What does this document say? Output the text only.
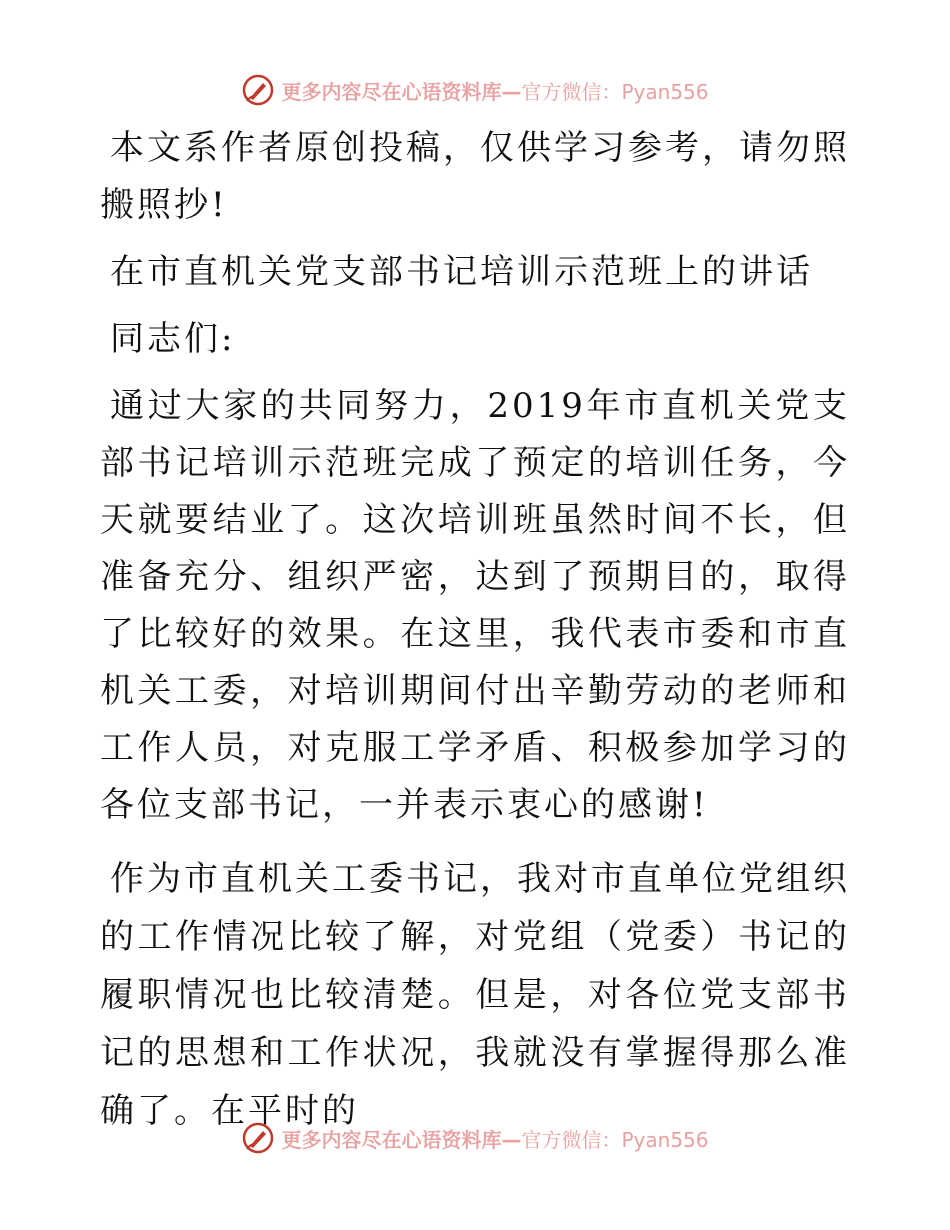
更多内容尽在心语资料库—官方微信：Pyan556

本文系作者原创投稿，仅供学习参考，请勿照搬照抄!

在市直机关党支部书记培训示范班上的讲话

同志们:

通过大家的共同努力，2019年市直机关党支部书记培训示范班完成了预定的培训任务，今天就要结业了。这次培训班虽然时间不长，但准备充分、组织严密，达到了预期目的，取得了比较好的效果。在这里，我代表市委和市直机关工委，对培训期间付出辛勤劳动的老师和工作人员，对克服工学矛盾、积极参加学习的各位支部书记，一并表示衷心的感谢!

作为市直机关工委书记，我对市直单位党组织的工作情况比较了解，对党组（党委）书记的履职情况也比较清楚。但是，对各位党支部书记的思想和工作状况，我就没有掌握得那么准确了。在平时的

更多内容尽在心语资料库—官方微信：Pyan556
